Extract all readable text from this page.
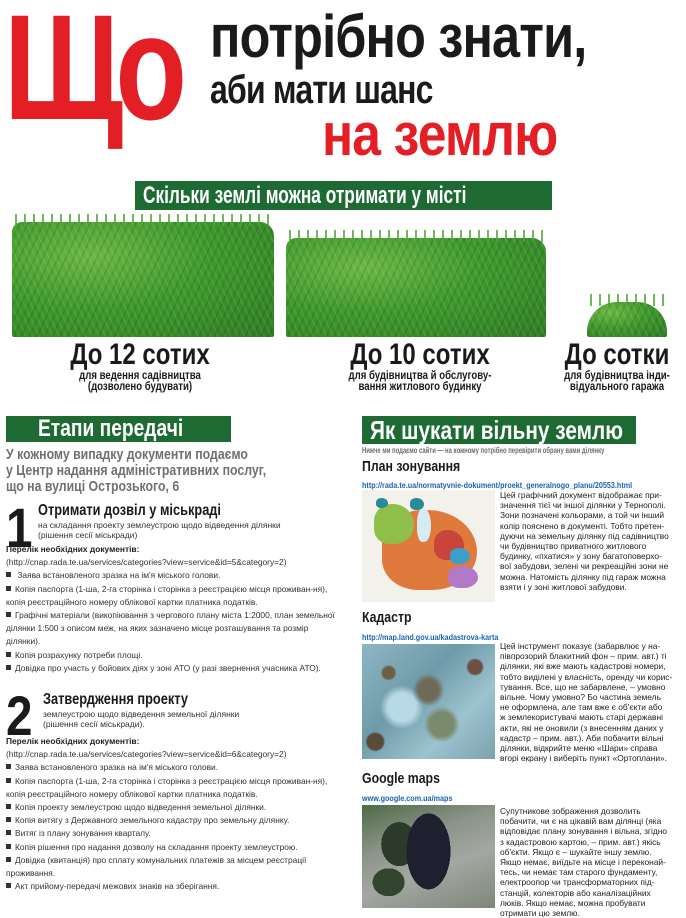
Що потрібно знати,
аби мати шанс
на землю
Скільки землі можна отримати у місті
До 12 сотих
для ведення садівництва
(дозволено будувати)
До 10 сотих
для будівництва й обслугову-
вання житлового будинку
До сотки
для будівництва інди-
відуального гаража
Етапи передачі
У кожному випадку документи подаємо
у Центр надання адміністративних послуг,
що на вулиці Острозького, 6
1 Отримати дозвіл у міськраді
на складання проекту землеустрою щодо відведення ділянки
(рішення сесії міськради)
Перелік необхідних документів:
(http://cnap.rada.te.ua/services/categories?view=service&id=5&category=2)
Заява встановленого зразка на ім'я міського голови.
Копія паспорта (1-ша, 2-га сторінка і сторінка з реєстрацією місця проживан-ня), копія реєстраційного номеру облікової картки платника податків.
Графічні матеріали (викопіювання з чергового плану міста 1:2000, план земельної ділянки 1:500 з описом меж, на яких зазначено місце розташування та розмір ділянки).
Копія розрахунку потреби площі.
Довідка про участь у бойових діях у зоні АТО (у разі звернення учасника АТО).
2 Затвердження проекту
землеустрою щодо відведення земельної ділянки
(рішення сесії міськради).
Перелік необхідних документів:
(http://cnap.rada.te.ua/services/categories?view=service&id=6&category=2)
Заява встановленого зразка на ім'я міського голови.
Копія паспорта (1-ша, 2-га сторінка і сторінка з реєстрацією місця проживан-ня), копія реєстраційного номеру облікової картки платника податків.
Копія проекту землеустрою щодо відведення земельної ділянки.
Копія витягу з Державного земельного кадастру про земельну ділянку.
Витяг із плану зонування кварталу.
Копія рішення про надання дозволу на складання проекту землеустрою.
Довідка (квитанція) про сплату комунальних платежів за місцем реєстрації проживання.
Акт прийому-передачі межових знаків на зберігання.
Як шукати вільну землю
Нижче ми подаємо сайти — на кожному потрібно перевірити обрану вами ділянку
План зонування
http://rada.te.ua/normatyvnie-dokument/proekt_generalnogo_planu/20553.html
Цей графічний документ відображає при-
значення тієї чи іншої ділянки у Тернополі.
Зони позначені кольорами, а той чи інший
колір пояснено в документі. Тобто претен-
дуючи на земельну ділянку під садівництво
чи будівництво приватного житлового
будинку, «пхатися» у зону багатоповерхо-
вої забудови, зелені чи рекреаційні зони не
можна. Натомість ділянку під гараж можна
взяти і у зоні житлової забудови.
Кадастр
http://map.land.gov.ua/kadastrova-karta
Цей інструмент показує (забарвлює у на-
півпрозорий блакитний фон – прим. авт.) ті
ділянки, які вже мають кадастрові номери,
тобто виділені у власність, оренду чи корис-
тування. Все, що не забарвлене, – умовно
вільне. Чому умовно? Бо частина земель
не оформлена, але там вже є об'єкти або
ж землекористувачі мають старі державні
акти, які не оновили (з внесенням даних у
кадастр – прим. авт.). Аби побачити вільні
ділянки, відкрийте меню «Шари» справа
вгорі екрану і виберіть пункт «Ортоплани».
Google maps
www.google.com.ua/maps
Супутникове зображення дозволить
побачити, чи є на цікавій вам ділянці (яка
відповідає плану зонування і вільна, згідно
з кадастровою картою, – прим. авт.) якісь
об'єкти. Якщо є – шукайте іншу землю.
Якщо немає, виїдьте на місце і переконай-
тесь, чи немає там старого фундаменту,
електроопор чи трансформаторних під-
станцій, колекторів або каналізаційних
люків. Якщо немає, можна пробувати
отримати цю землю.
